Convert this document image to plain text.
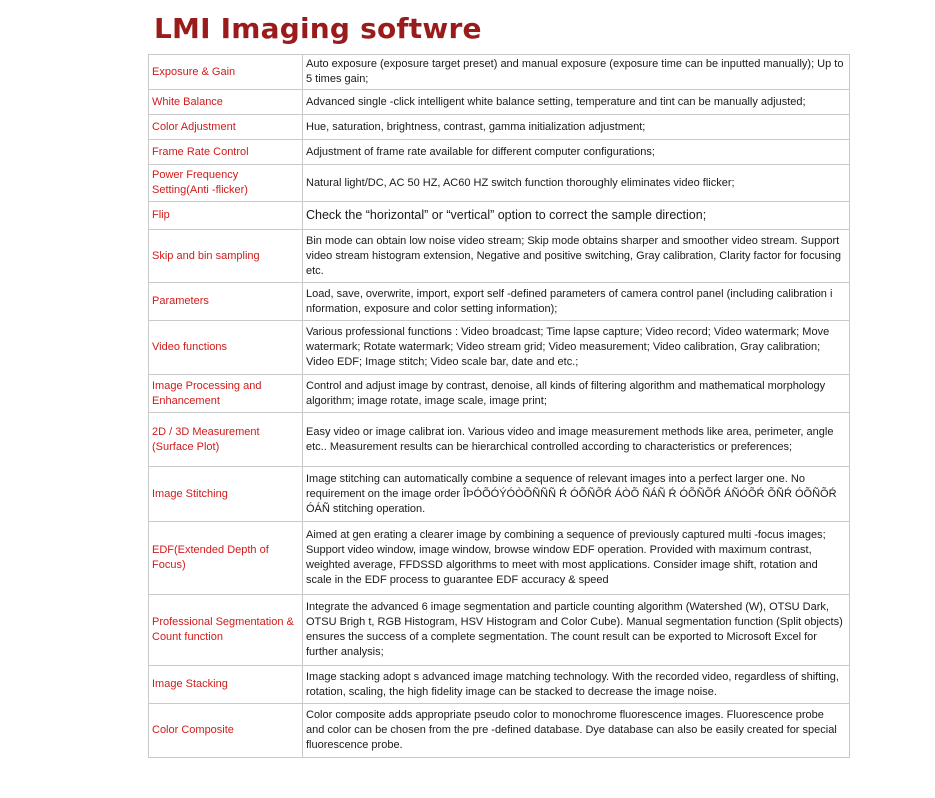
LMI Imaging softwre
Exposure & Gain	Auto exposure (exposure target preset) and manual exposure (exposure time can be inputted manually); Up to 5 times gain;
White Balance	Advanced single -click intelligent white balance setting, temperature and tint can be manually adjusted;
Color Adjustment	Hue, saturation, brightness, contrast, gamma initialization adjustment;
Frame Rate Control	Adjustment of frame rate available for different computer configurations;
Power Frequency Setting(Anti -flicker)	Natural light/DC, AC 50 HZ, AC60 HZ switch function thoroughly eliminates video flicker;
Flip	Check the “horizontal” or “vertical” option to correct the sample direction;
Skip and bin sampling	Bin mode can obtain low noise video stream; Skip mode obtains sharper and smoother video stream. Support video stream histogram extension, Negative and positive switching, Gray calibration, Clarity factor for focusing etc.
Parameters	Load, save, overwrite, import, export self -defined parameters of camera control panel (including calibration i nformation, exposure and color setting information);
Video functions	Various professional functions : Video broadcast; Time lapse capture; Video record; Video watermark; Move watermark; Rotate watermark; Video stream grid; Video measurement; Video calibration, Gray calibration; Video EDF; Image stitch; Video scale bar, date and etc.;
Image Processing and Enhancement	Control and adjust image by contrast, denoise, all kinds of filtering algorithm and mathematical morphology algorithm; image rotate, image scale, image print;
2D / 3D Measurement (Surface Plot)	Easy video or image calibrat ion. Various video and image measurement methods like area, perimeter, angle etc.. Measurement results can be hierarchical controlled according to characteristics or preferences;
Image Stitching	Image stitching can automatically combine a sequence of relevant images into a perfect larger one. No requirement on the image order ÎÞÓÕÓÝÓÒÕÑÑÑ Ŕ ÓÕÑÕŔ ÁÒÕ ÑÁÑ Ŕ ÓÕÑÕŔ ÁÑÓÕŔ ÕÑŔ ÓÕÑÕŔ ÓÁÑ stitching operation.
EDF(Extended Depth of Focus)	Aimed at gen erating a clearer image by combining a sequence of previously captured multi -focus images; Support video window, image window, browse window EDF operation. Provided with maximum contrast, weighted average, FFDSSD algorithms to meet with most applications. Consider image shift, rotation and scale in the EDF process to guarantee EDF accuracy & speed
Professional Segmentation & Count function	Integrate the advanced 6 image segmentation and particle counting algorithm (Watershed (W), OTSU Dark, OTSU Brigh t, RGB Histogram, HSV Histogram and Color Cube). Manual segmentation function (Split objects) ensures the success of a complete segmentation. The count result can be exported to Microsoft Excel for further analysis;
Image Stacking	Image stacking adopt s advanced image matching technology. With the recorded video, regardless of shifting, rotation, scaling, the high fidelity image can be stacked to decrease the image noise.
Color Composite	Color composite adds appropriate pseudo color to monochrome fluorescence images. Fluorescence probe and color can be chosen from the pre -defined database. Dye database can also be easily created for special fluorescence probe.
